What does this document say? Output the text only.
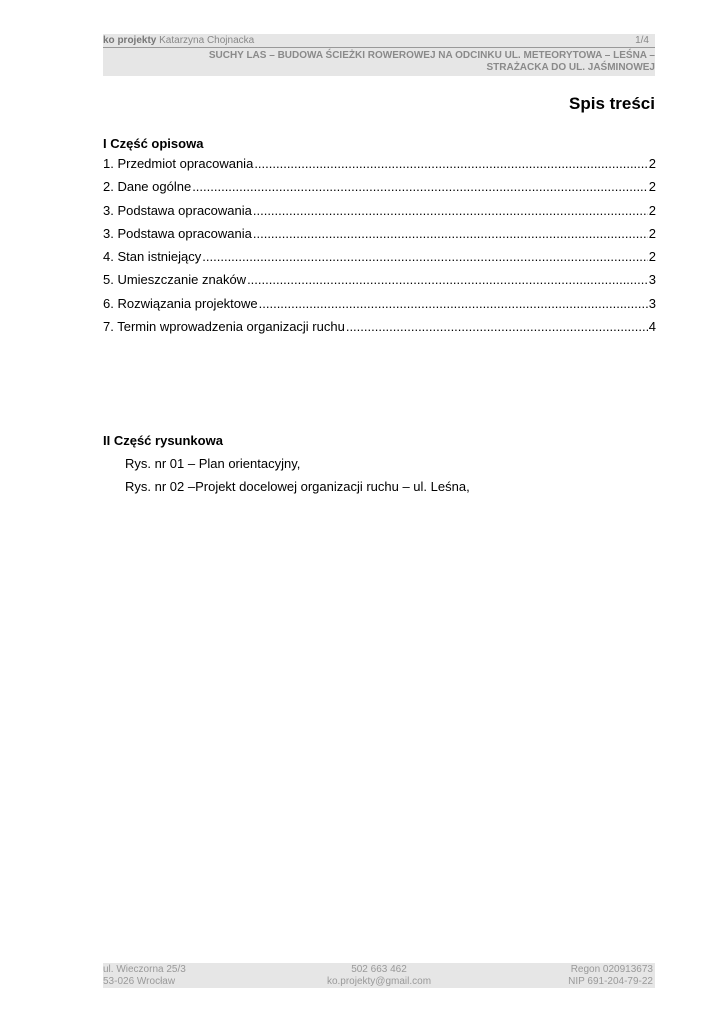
ko projekty Katarzyna Chojnacka	1/4
SUCHY LAS – BUDOWA ŚCIEŻKI ROWEROWEJ NA ODCINKU UL. METEORYTOWA – LEŚNA –
STRAŻACKA DO UL. JAŚMINOWEJ
Spis treści
I Część opisowa
1. Przedmiot opracowania .....	2
2. Dane ogólne .....	2
3. Podstawa opracowania .....	2
3. Podstawa opracowania .....	2
4. Stan istniejący .....	2
5. Umieszczanie znaków .....	3
6. Rozwiązania projektowe .....	3
7. Termin wprowadzenia organizacji ruchu .....	4
II Część rysunkowa
Rys. nr 01 – Plan orientacyjny,
Rys. nr 02 –Projekt docelowej organizacji ruchu – ul. Leśna,
ul. Wieczorna 25/3
53-026 Wrocław
502 663 462
ko.projekty@gmail.com
Regon 020913673
NIP 691-204-79-22
